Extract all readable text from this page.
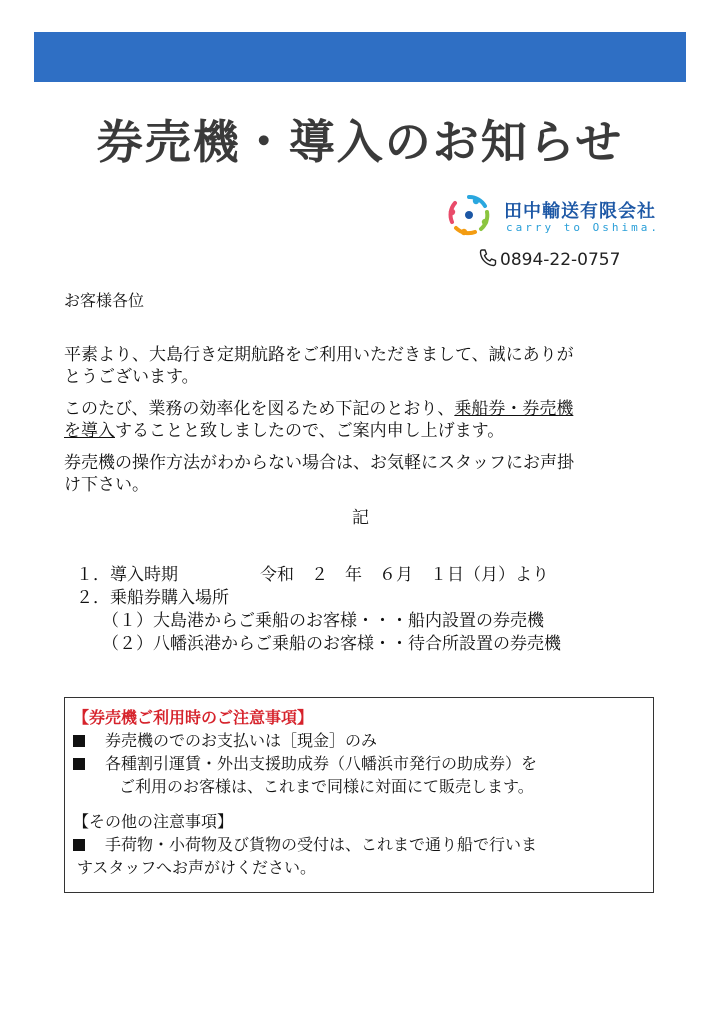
券売機・導入のお知らせ
田中輸送有限会社
carry to Oshima.
0894-22-0757
お客様各位
平素より、大島行き定期航路をご利用いただきまして、誠にありが
とうございます。
このたび、業務の効率化を図るため下記のとおり、乗船券・券売機
を導入することと致しましたので、ご案内申し上げます。
券売機の操作方法がわからない場合は、お気軽にスタッフにお声掛
け下さい。
記
１．導入時期	令和　２　年　６月　１日（月）より
２．乗船券購入場所
（１）大島港からご乗船のお客様・・・船内設置の券売機
（２）八幡浜港からご乗船のお客様・・待合所設置の券売機
【券売機ご利用時のご注意事項】
券売機のでのお支払いは［現金］のみ
各種割引運賃・外出支援助成券（八幡浜市発行の助成券）を
ご利用のお客様は、これまで同様に対面にて販売します。
【その他の注意事項】
手荷物・小荷物及び貨物の受付は、これまで通り船で行いま
すスタッフへお声がけください。
